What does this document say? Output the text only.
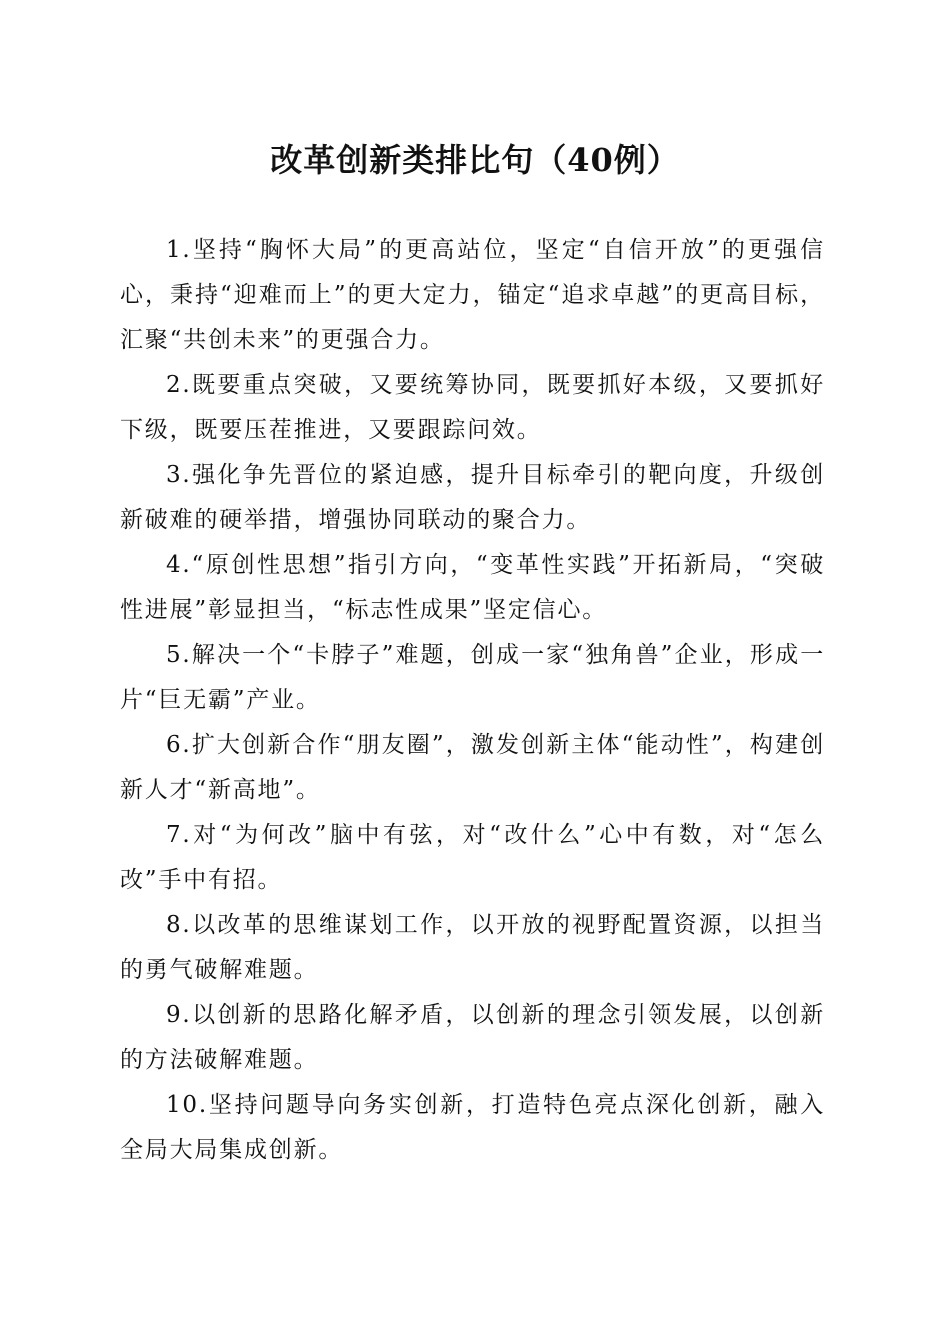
改革创新类排比句（40例）

1.坚持“胸怀大局”的更高站位，坚定“自信开放”的更强信心，秉持“迎难而上”的更大定力，锚定“追求卓越”的更高目标，汇聚“共创未来”的更强合力。

2.既要重点突破，又要统筹协同，既要抓好本级，又要抓好下级，既要压茬推进，又要跟踪问效。

3.强化争先晋位的紧迫感，提升目标牵引的靶向度，升级创新破难的硬举措，增强协同联动的聚合力。

4.“原创性思想”指引方向，“变革性实践”开拓新局，“突破性进展”彰显担当，“标志性成果”坚定信心。

5.解决一个“卡脖子”难题，创成一家“独角兽”企业，形成一片“巨无霸”产业。

6.扩大创新合作“朋友圈”，激发创新主体“能动性”，构建创新人才“新高地”。

7.对“为何改”脑中有弦，对“改什么”心中有数，对“怎么改”手中有招。

8.以改革的思维谋划工作，以开放的视野配置资源，以担当的勇气破解难题。

9.以创新的思路化解矛盾，以创新的理念引领发展，以创新的方法破解难题。

10.坚持问题导向务实创新，打造特色亮点深化创新，融入全局大局集成创新。
